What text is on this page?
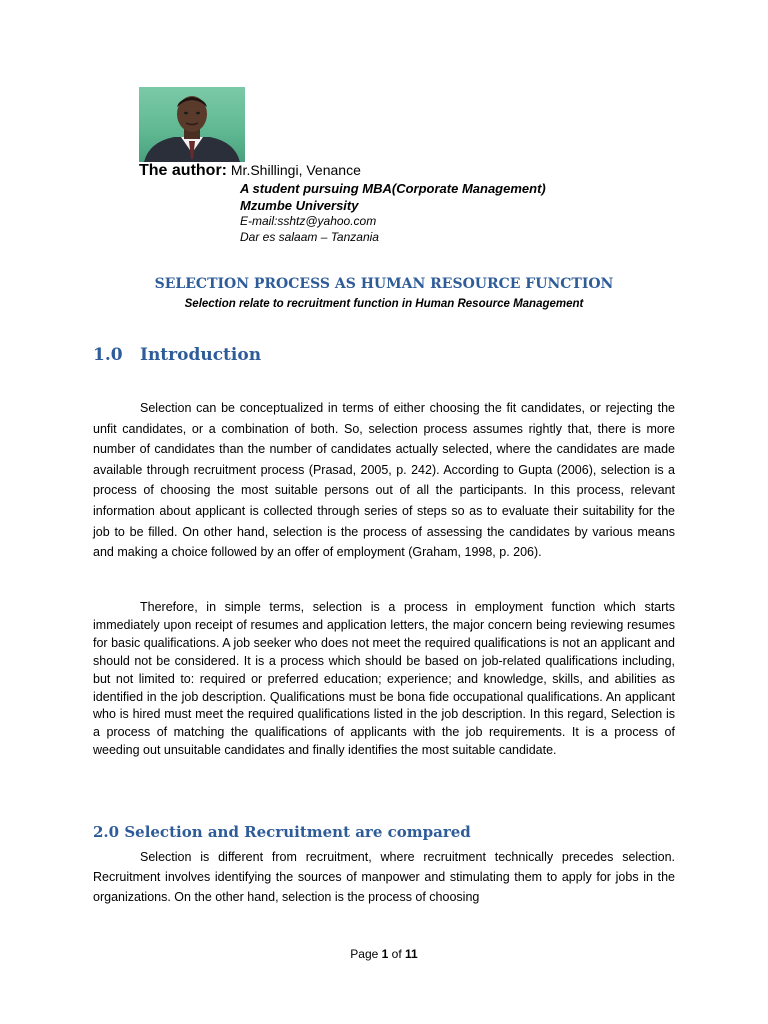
The author: Mr.Shillingi, Venance
A student pursuing MBA(Corporate Management)
Mzumbe University
E-mail:sshtz@yahoo.com
Dar es salaam – Tanzania
SELECTION PROCESS AS HUMAN RESOURCE FUNCTION
Selection relate to recruitment function in Human Resource Management
1.0 Introduction
Selection can be conceptualized in terms of either choosing the fit candidates, or rejecting the unfit candidates, or a combination of both. So, selection process assumes rightly that, there is more number of candidates than the number of candidates actually selected, where the candidates are made available through recruitment process (Prasad, 2005, p. 242). According to Gupta (2006), selection is a process of choosing the most suitable persons out of all the participants. In this process, relevant information about applicant is collected through series of steps so as to evaluate their suitability for the job to be filled. On other hand, selection is the process of assessing the candidates by various means and making a choice followed by an offer of employment (Graham, 1998, p. 206).
Therefore, in simple terms, selection is a process in employment function which starts immediately upon receipt of resumes and application letters, the major concern being reviewing resumes for basic qualifications. A job seeker who does not meet the required qualifications is not an applicant and should not be considered. It is a process which should be based on job-related qualifications including, but not limited to: required or preferred education; experience; and knowledge, skills, and abilities as identified in the job description. Qualifications must be bona fide occupational qualifications. An applicant who is hired must meet the required qualifications listed in the job description. In this regard, Selection is a process of matching the qualifications of applicants with the job requirements. It is a process of weeding out unsuitable candidates and finally identifies the most suitable candidate.
2.0 Selection and Recruitment are compared
Selection is different from recruitment, where recruitment technically precedes selection. Recruitment involves identifying the sources of manpower and stimulating them to apply for jobs in the organizations. On the other hand, selection is the process of choosing
Page 1 of 11
